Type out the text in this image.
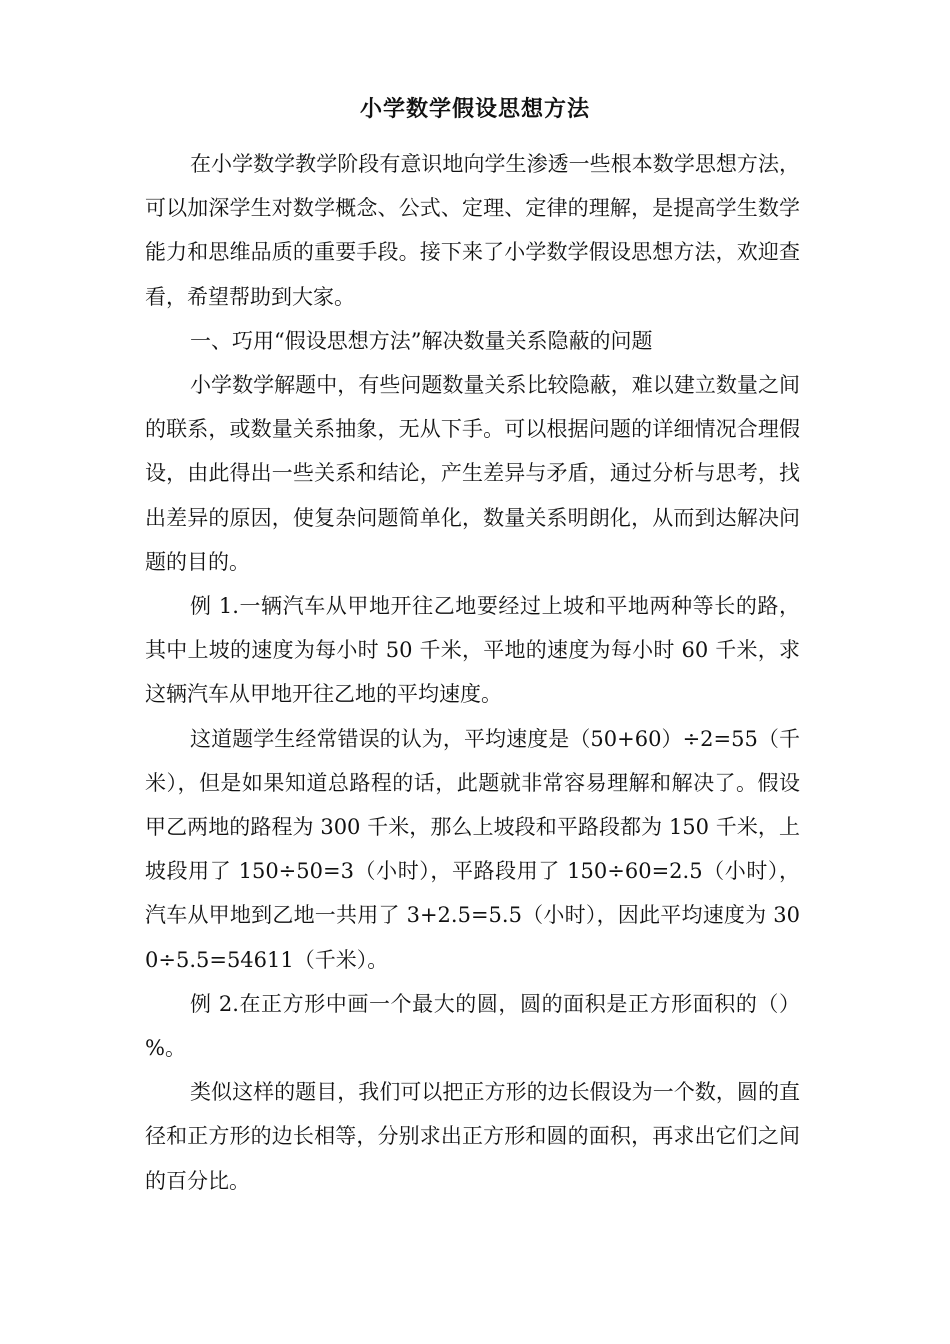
小学数学假设思想方法

在小学数学教学阶段有意识地向学生渗透一些根本数学思想方法，可以加深学生对数学概念、公式、定理、定律的理解，是提高学生数学能力和思维品质的重要手段。接下来了小学数学假设思想方法，欢迎查看，希望帮助到大家。

一、巧用“假设思想方法”解决数量关系隐蔽的问题

小学数学解题中，有些问题数量关系比较隐蔽，难以建立数量之间的联系，或数量关系抽象，无从下手。可以根据问题的详细情况合理假设，由此得出一些关系和结论，产生差异与矛盾，通过分析与思考，找出差异的原因，使复杂问题简单化，数量关系明朗化，从而到达解决问题的目的。

例 1.一辆汽车从甲地开往乙地要经过上坡和平地两种等长的路，其中上坡的速度为每小时 50 千米，平地的速度为每小时 60 千米，求这辆汽车从甲地开往乙地的平均速度。

这道题学生经常错误的认为，平均速度是（50+60）÷2=55（千米），但是如果知道总路程的话，此题就非常容易理解和解决了。假设甲乙两地的路程为 300 千米，那么上坡段和平路段都为 150 千米，上坡段用了 150÷50=3（小时），平路段用了 150÷60=2.5（小时），汽车从甲地到乙地一共用了 3+2.5=5.5（小时），因此平均速度为 300÷5.5=54611（千米）。

例 2.在正方形中画一个最大的圆，圆的面积是正方形面积的（）%。

类似这样的题目，我们可以把正方形的边长假设为一个数，圆的直径和正方形的边长相等，分别求出正方形和圆的面积，再求出它们之间的百分比。
